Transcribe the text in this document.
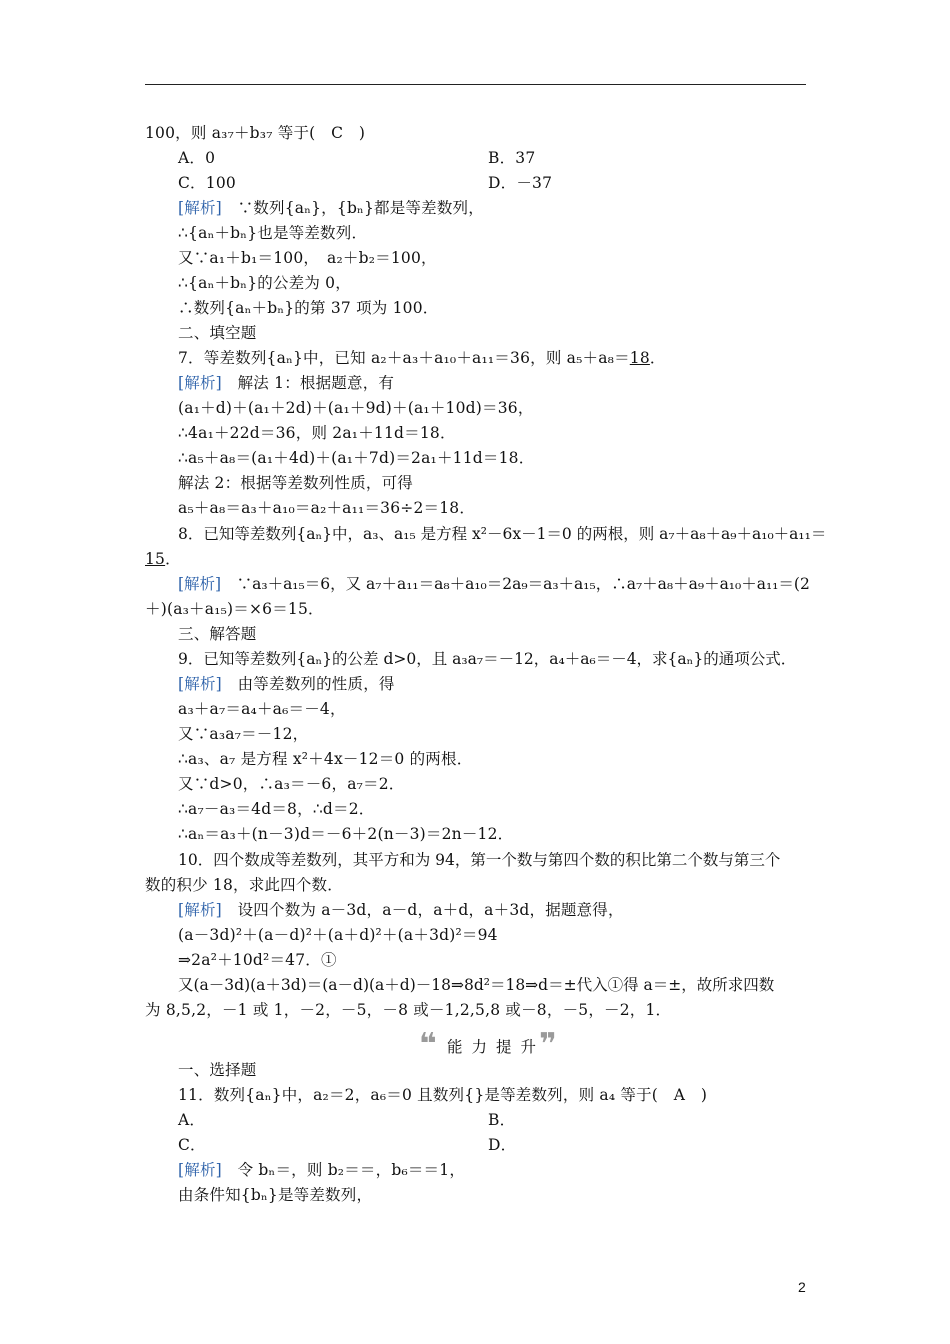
100，则 a₃₇＋b₃₇ 等于(　C　)
A．0	B．37
C．100	D．－37
[解析]　∵数列{aₙ}，{bₙ}都是等差数列，
∴{aₙ＋bₙ}也是等差数列．
又∵a₁＋b₁＝100，　a₂＋b₂＝100，
∴{aₙ＋bₙ}的公差为 0，
∴数列{aₙ＋bₙ}的第 37 项为 100．
二、填空题
7．等差数列{aₙ}中，已知 a₂＋a₃＋a₁₀＋a₁₁＝36，则 a₅＋a₈＝18．
[解析]　解法 1：根据题意，有
(a₁＋d)＋(a₁＋2d)＋(a₁＋9d)＋(a₁＋10d)＝36，
∴4a₁＋22d＝36，则 2a₁＋11d＝18．
∴a₅＋a₈＝(a₁＋4d)＋(a₁＋7d)＝2a₁＋11d＝18．
解法 2：根据等差数列性质，可得
a₅＋a₈＝a₃＋a₁₀＝a₂＋a₁₁＝36÷2＝18．
8．已知等差数列{aₙ}中，a₃、a₁₅ 是方程 x²－6x－1＝0 的两根，则 a₇＋a₈＋a₉＋a₁₀＋a₁₁＝
15．
[解析]　∵a₃＋a₁₅＝6，又 a₇＋a₁₁＝a₈＋a₁₀＝2a₉＝a₃＋a₁₅，∴a₇＋a₈＋a₉＋a₁₀＋a₁₁＝(2
＋)(a₃＋a₁₅)＝×6＝15．
三、解答题
9．已知等差数列{aₙ}的公差 d>0，且 a₃a₇＝－12，a₄＋a₆＝－4，求{aₙ}的通项公式．
[解析]　由等差数列的性质，得
a₃＋a₇＝a₄＋a₆＝－4，
又∵a₃a₇＝－12，
∴a₃、a₇ 是方程 x²＋4x－12＝0 的两根．
又∵d>0，∴a₃＝－6，a₇＝2．
∴a₇－a₃＝4d＝8，∴d＝2．
∴aₙ＝a₃＋(n－3)d＝－6＋2(n－3)＝2n－12．
10．四个数成等差数列，其平方和为 94，第一个数与第四个数的积比第二个数与第三个
数的积少 18，求此四个数．
[解析]　设四个数为 a－3d，a－d，a＋d，a＋3d，据题意得，
(a－3d)²＋(a－d)²＋(a＋d)²＋(a＋3d)²＝94
⇒2a²＋10d²＝47．①
又(a－3d)(a＋3d)＝(a－d)(a＋d)－18⇒8d²＝18⇒d＝±代入①得 a＝±，故所求四数
为 8,5,2，－1 或 1，－2，－5，－8 或－1,2,5,8 或－8，－5，－2，1．
❝ 能力提升
❞
一、选择题
11．数列{aₙ}中，a₂＝2，a₆＝0 且数列{}是等差数列，则 a₄ 等于(　A　)
A．	B．
C．	D．
[解析]　令 bₙ＝，则 b₂＝＝，b₆＝＝1，
由条件知{bₙ}是等差数列，
2
